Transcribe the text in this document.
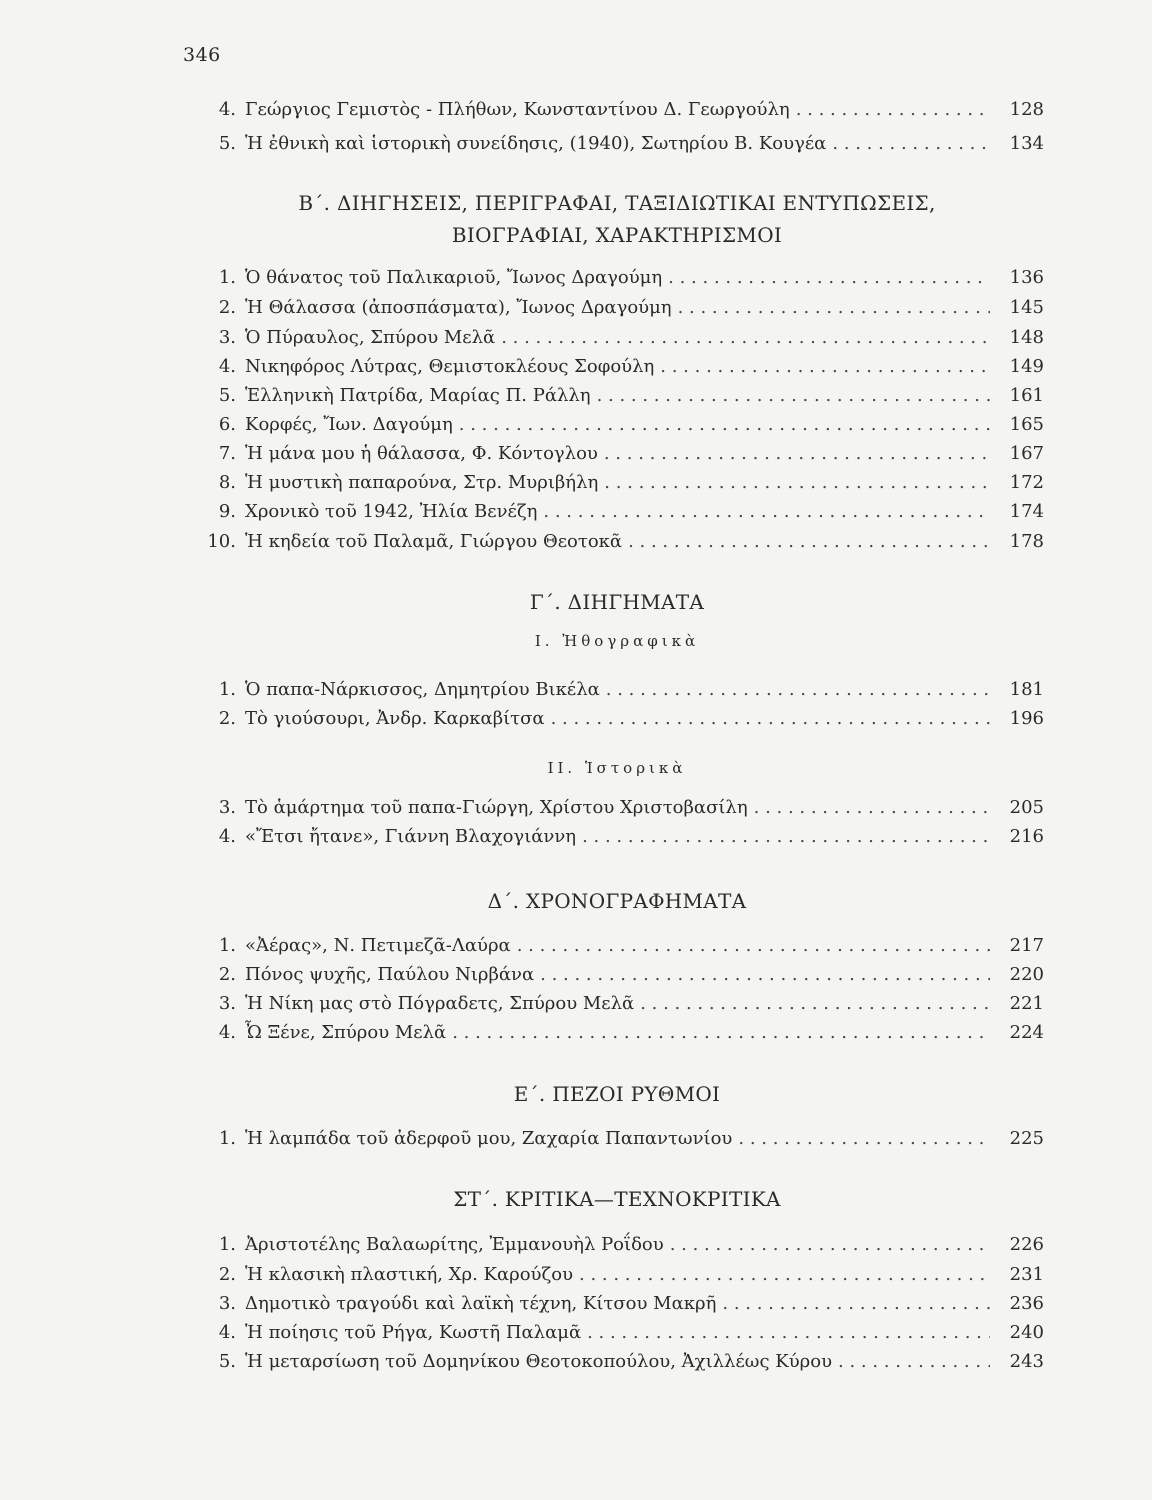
346
4. Γεώργιος Γεμιστὸς - Πλήθων, Κωνσταντίνου Δ. Γεωργούλη . . .	128
5. Ἡ ἐθνικὴ καὶ ἱστορικὴ συνείδησις, (1940), Σωτηρίου Β. Κουγέα . . .	134
Β΄. ΔΙΗΓΗΣΕΙΣ, ΠΕΡΙΓΡΑΦΑΙ, ΤΑΞΙΔΙΩΤΙΚΑΙ ΕΝΤΥΠΩΣΕΙΣ,
ΒΙΟΓΡΑΦΙΑΙ, ΧΑΡΑΚΤΗΡΙΣΜΟΙ
1. Ὁ θάνατος τοῦ Παλικαριοῦ, Ἴωνος Δραγούμη . . .	136
2. Ἡ Θάλασσα (ἀποσπάσματα), Ἴωνος Δραγούμη . . .	145
3. Ὁ Πύραυλος, Σπύρου Μελᾶ . . .	148
4. Νικηφόρος Λύτρας, Θεμιστοκλέους Σοφούλη . . .	149
5. Ἑλληνικὴ Πατρίδα, Μαρίας Π. Ράλλη . . .	161
6. Κορφές, Ἴων. Δαγούμη . . .	165
7. Ἡ μάνα μου ἡ θάλασσα, Φ. Κόντογλου . . .	167
8. Ἡ μυστικὴ παπαρούνα, Στρ. Μυριβήλη . . .	172
9. Χρονικὸ τοῦ 1942, Ἠλία Βενέζη . . .	174
10. Ἡ κηδεία τοῦ Παλαμᾶ, Γιώργου Θεοτοκᾶ . . .	178
Γ΄. ΔΙΗΓΗΜΑΤΑ
Ι. Ἠθογραφικὰ
1. Ὁ παπα-Νάρκισσος, Δημητρίου Βικέλα . . .	181
2. Τὸ γιούσουρι, Ἀνδρ. Καρκαβίτσα . . .	196
ΙΙ. Ἱστορικὰ
3. Τὸ ἁμάρτημα τοῦ παπα-Γιώργη, Χρίστου Χριστοβασίλη . . .	205
4. «Ἔτσι ἤτανε», Γιάννη Βλαχογιάννη . . .	216
Δ΄. ΧΡΟΝΟΓΡΑΦΗΜΑΤΑ
1. «Ἀέρας», Ν. Πετιμεζᾶ-Λαύρα . . .	217
2. Πόνος ψυχῆς, Παύλου Νιρβάνα . . .	220
3. Ἡ Νίκη μας στὸ Πόγραδετς, Σπύρου Μελᾶ . . .	221
4. Ὦ Ξένε, Σπύρου Μελᾶ . . .	224
Ε΄. ΠΕΖΟΙ ΡΥΘΜΟΙ
1. Ἡ λαμπάδα τοῦ ἀδερφοῦ μου, Ζαχαρία Παπαντωνίου . . .	225
ΣΤ΄. ΚΡΙΤΙΚΑ—ΤΕΧΝΟΚΡΙΤΙΚΑ
1. Ἀριστοτέλης Βαλαωρίτης, Ἐμμανουὴλ Ροΐδου . . .	226
2. Ἡ κλασικὴ πλαστική, Χρ. Καρούζου . . .	231
3. Δημοτικὸ τραγούδι καὶ λαϊκὴ τέχνη, Κίτσου Μακρῆ . . .	236
4. Ἡ ποίησις τοῦ Ρήγα, Κωστῆ Παλαμᾶ . . .	240
5. Ἡ μεταρσίωση τοῦ Δομηνίκου Θεοτοκοπούλου, Ἀχιλλέως Κύρου . . .	243
